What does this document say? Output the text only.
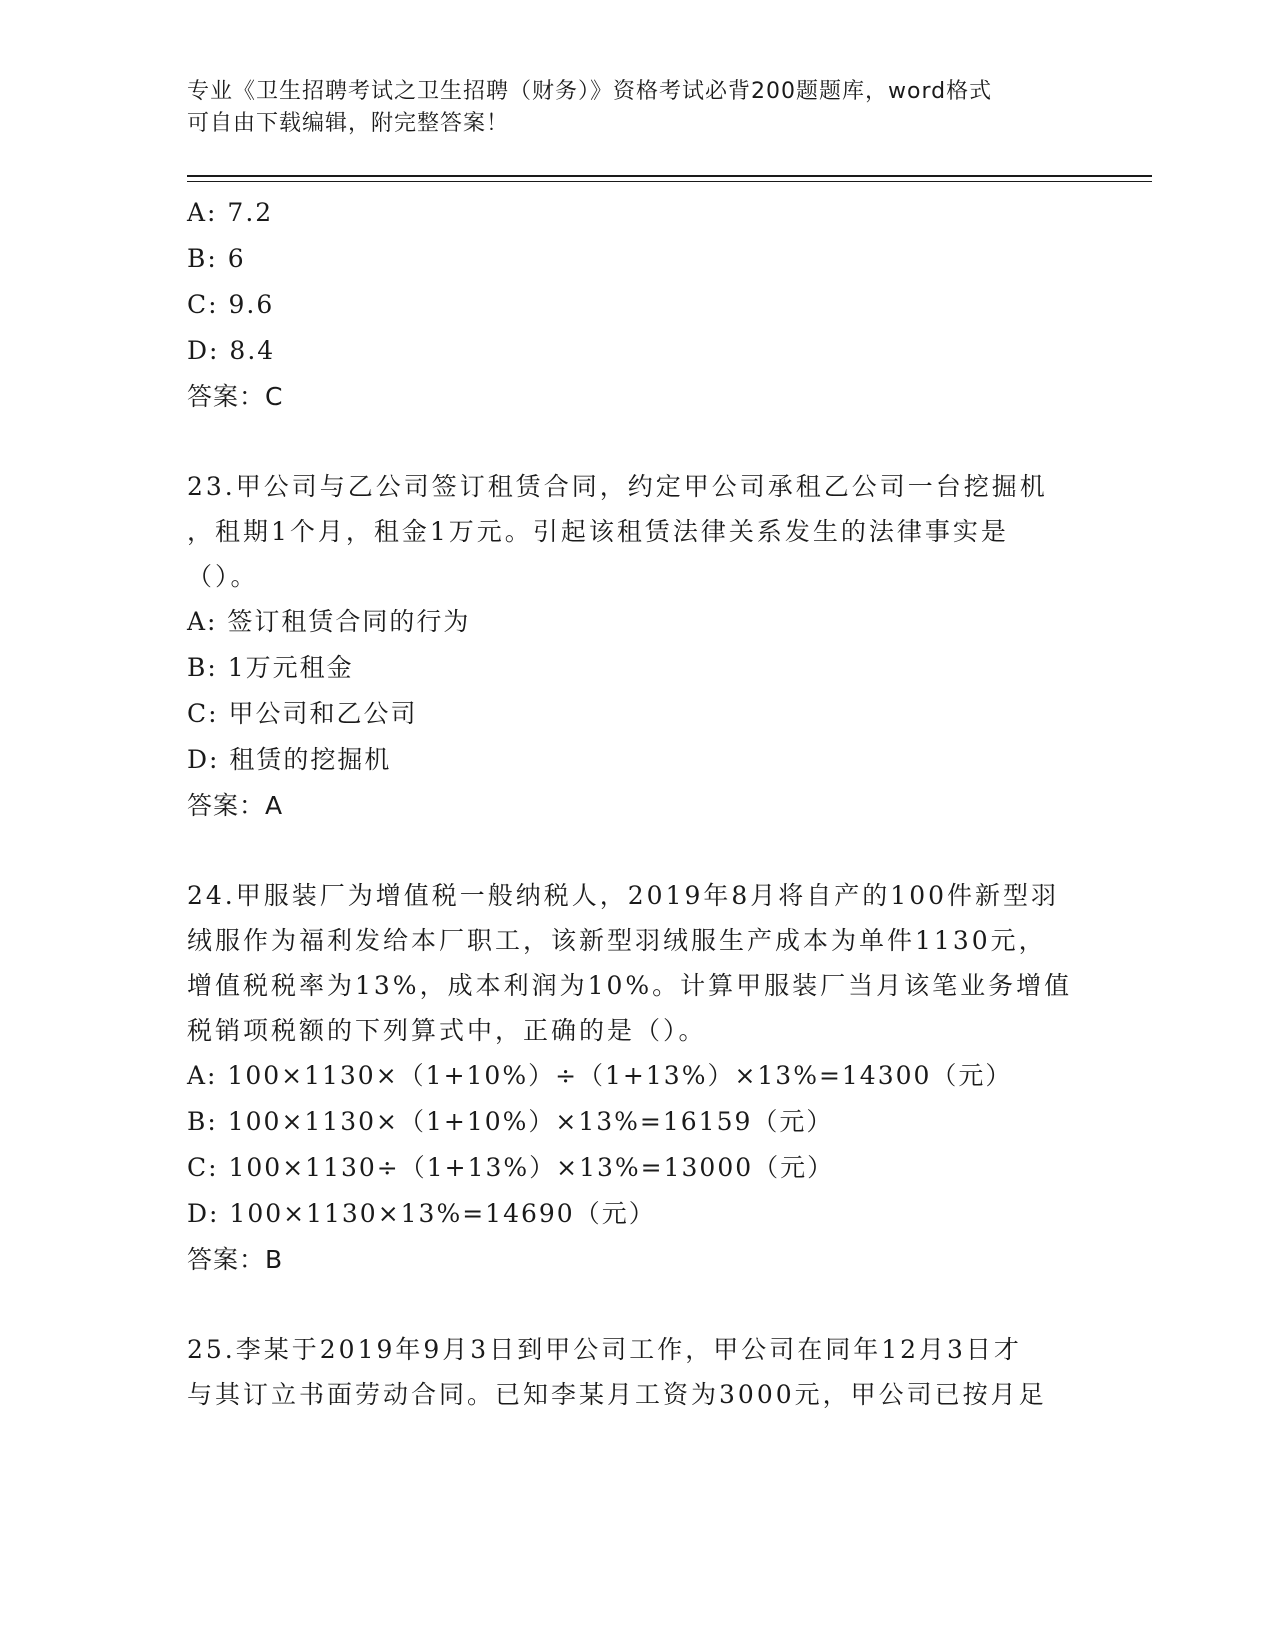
专业《卫生招聘考试之卫生招聘（财务）》资格考试必背200题题库，word格式
可自由下载编辑，附完整答案！
A: 7.2
B: 6
C: 9.6
D: 8.4
答案：C
23.甲公司与乙公司签订租赁合同，约定甲公司承租乙公司一台挖掘机
，租期1个月，租金1万元。引起该租赁法律关系发生的法律事实是
（）。
A: 签订租赁合同的行为
B: 1万元租金
C: 甲公司和乙公司
D: 租赁的挖掘机
答案：A
24.甲服装厂为增值税一般纳税人，2019年8月将自产的100件新型羽
绒服作为福利发给本厂职工，该新型羽绒服生产成本为单件1130元，
增值税税率为13%，成本利润为10%。计算甲服装厂当月该笔业务增值
税销项税额的下列算式中，正确的是（）。
A: 100×1130×（1+10%）÷（1+13%）×13%=14300（元）
B: 100×1130×（1+10%）×13%=16159（元）
C: 100×1130÷（1+13%）×13%=13000（元）
D: 100×1130×13%=14690（元）
答案：B
25.李某于2019年9月3日到甲公司工作，甲公司在同年12月3日才
与其订立书面劳动合同。已知李某月工资为3000元，甲公司已按月足
